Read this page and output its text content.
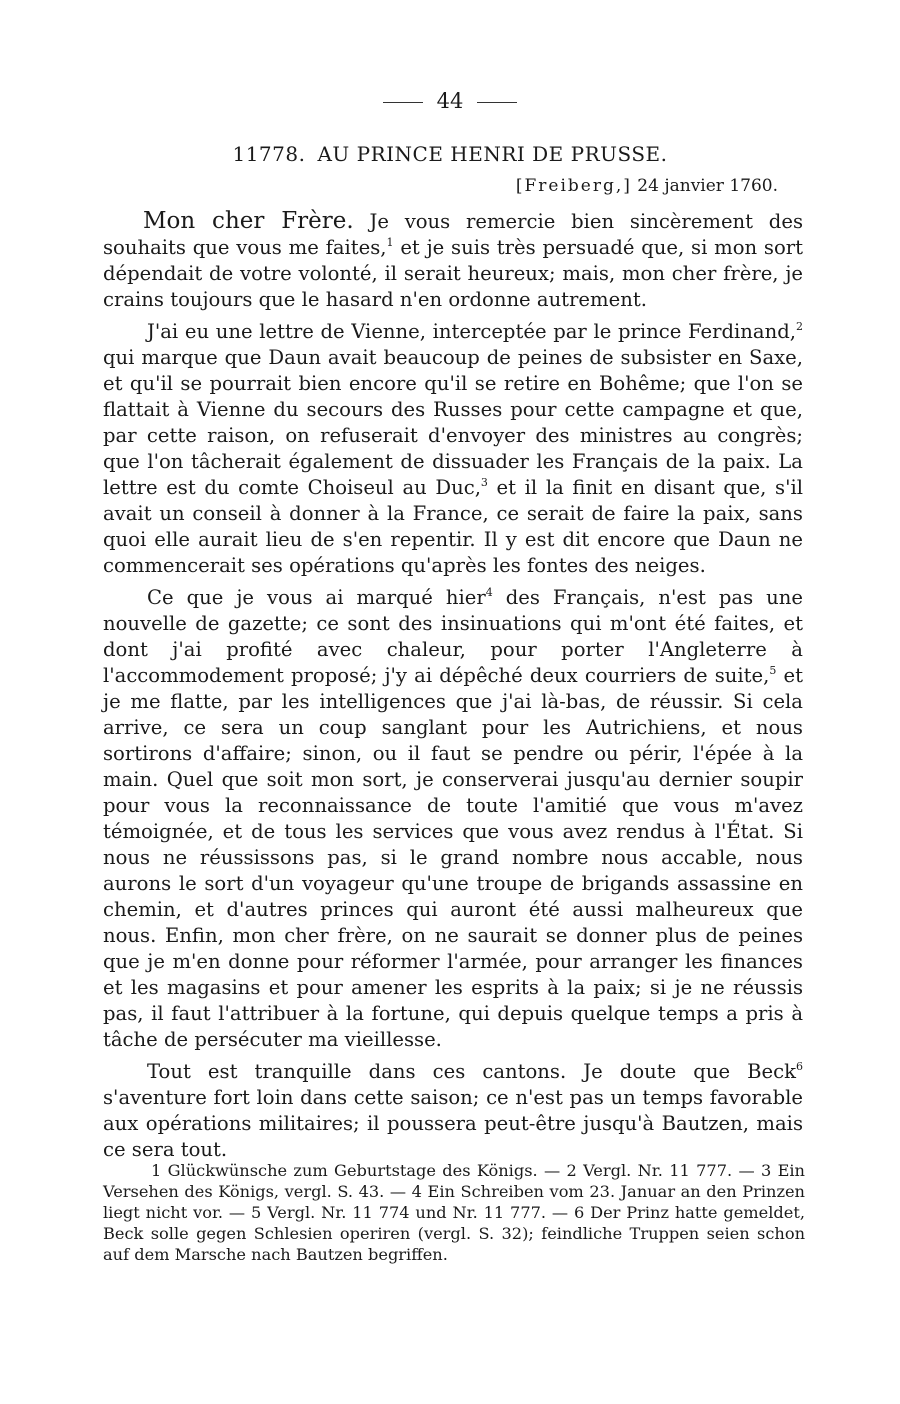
44
11778. AU PRINCE HENRI DE PRUSSE.
[Freiberg,] 24 janvier 1760.

Mon cher Frère. Je vous remercie bien sincèrement des souhaits que vous me faites,$^1$ et je suis très persuadé que, si mon sort dépendait de votre volonté, il serait heureux; mais, mon cher frère, je crains toujours que le hasard n'en ordonne autrement.

J'ai eu une lettre de Vienne, interceptée par le prince Ferdinand,$^2$ qui marque que Daun avait beaucoup de peines de subsister en Saxe, et qu'il se pourrait bien encore qu'il se retire en Bohême; que l'on se flattait à Vienne du secours des Russes pour cette campagne et que, par cette raison, on refuserait d'envoyer des ministres au congrès; que l'on tâcherait également de dissuader les Français de la paix. La lettre est du comte Choiseul au Duc,$^3$ et il la finit en disant que, s'il avait un conseil à donner à la France, ce serait de faire la paix, sans quoi elle aurait lieu de s'en repentir. Il y est dit encore que Daun ne commencerait ses opérations qu'après les fontes des neiges.

Ce que je vous ai marqué hier$^4$ des Français, n'est pas une nouvelle de gazette; ce sont des insinuations qui m'ont été faites, et dont j'ai profité avec chaleur, pour porter l'Angleterre à l'accommodement proposé; j'y ai dépêché deux courriers de suite,$^5$ et je me flatte, par les intelligences que j'ai là-bas, de réussir. Si cela arrive, ce sera un coup sanglant pour les Autrichiens, et nous sortirons d'affaire; sinon, ou il faut se pendre ou périr, l'épée à la main. Quel que soit mon sort, je conserverai jusqu'au dernier soupir pour vous la reconnaissance de toute l'amitié que vous m'avez témoignée, et de tous les services que vous avez rendus à l'État. Si nous ne réussissons pas, si le grand nombre nous accable, nous aurons le sort d'un voyageur qu'une troupe de brigands assassine en chemin, et d'autres princes qui auront été aussi malheureux que nous. Enfin, mon cher frère, on ne saurait se donner plus de peines que je m'en donne pour réformer l'armée, pour arranger les finances et les magasins et pour amener les esprits à la paix; si je ne réussis pas, il faut l'attribuer à la fortune, qui depuis quelque temps a pris à tâche de persécuter ma vieillesse.

Tout est tranquille dans ces cantons. Je doute que Beck$^6$ s'aventure fort loin dans cette saison; ce n'est pas un temps favorable aux opérations militaires; il poussera peut-être jusqu'à Bautzen, mais ce sera tout.

1 Glückwünsche zum Geburtstage des Königs. — 2 Vergl. Nr. 11 777. — 3 Ein Versehen des Königs, vergl. S. 43. — 4 Ein Schreiben vom 23. Januar an den Prinzen liegt nicht vor. — 5 Vergl. Nr. 11 774 und Nr. 11 777. — 6 Der Prinz hatte gemeldet, Beck solle gegen Schlesien operiren (vergl. S. 32); feindliche Truppen seien schon auf dem Marsche nach Bautzen begriffen.
